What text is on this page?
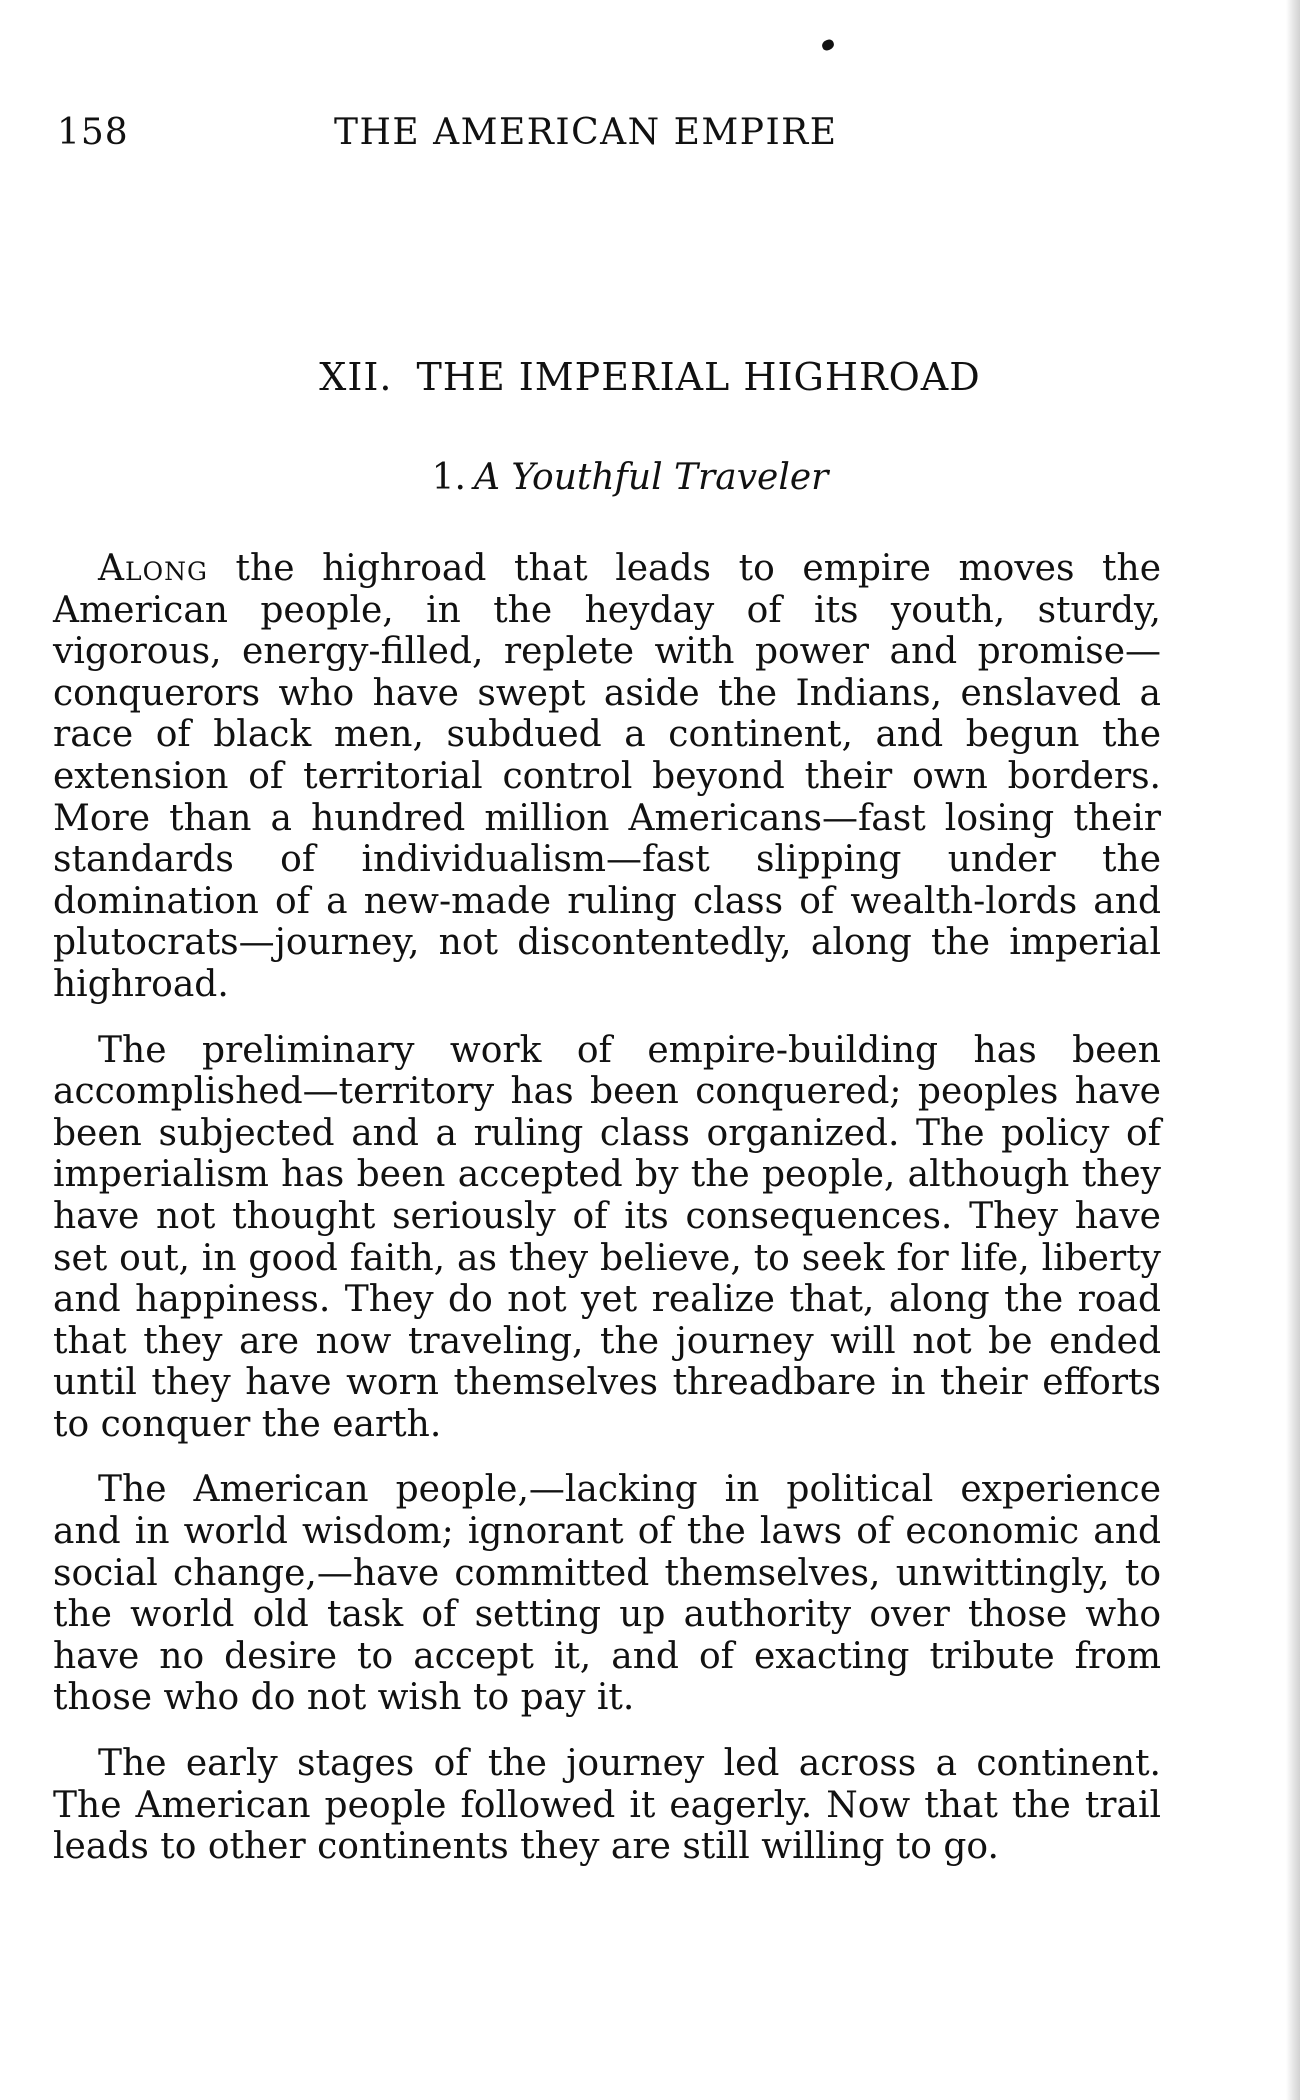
158	THE AMERICAN EMPIRE
XII. THE IMPERIAL HIGHROAD
1. A Youthful Traveler

Along the highroad that leads to empire moves the American people, in the heyday of its youth, sturdy, vigorous, energy-filled, replete with power and promise—conquerors who have swept aside the Indians, enslaved a race of black men, subdued a continent, and begun the extension of territorial control beyond their own borders. More than a hundred million Americans—fast losing their standards of individualism—fast slipping under the domination of a new-made ruling class of wealth-lords and plutocrats—journey, not discontentedly, along the imperial highroad.

The preliminary work of empire-building has been accomplished—territory has been conquered; peoples have been subjected and a ruling class organized. The policy of imperialism has been accepted by the people, although they have not thought seriously of its consequences. They have set out, in good faith, as they believe, to seek for life, liberty and happiness. They do not yet realize that, along the road that they are now traveling, the journey will not be ended until they have worn themselves threadbare in their efforts to conquer the earth.

The American people,—lacking in political experience and in world wisdom; ignorant of the laws of economic and social change,—have committed themselves, unwittingly, to the world old task of setting up authority over those who have no desire to accept it, and of exacting tribute from those who do not wish to pay it.

The early stages of the journey led across a continent. The American people followed it eagerly. Now that the trail leads to other continents they are still willing to go.
